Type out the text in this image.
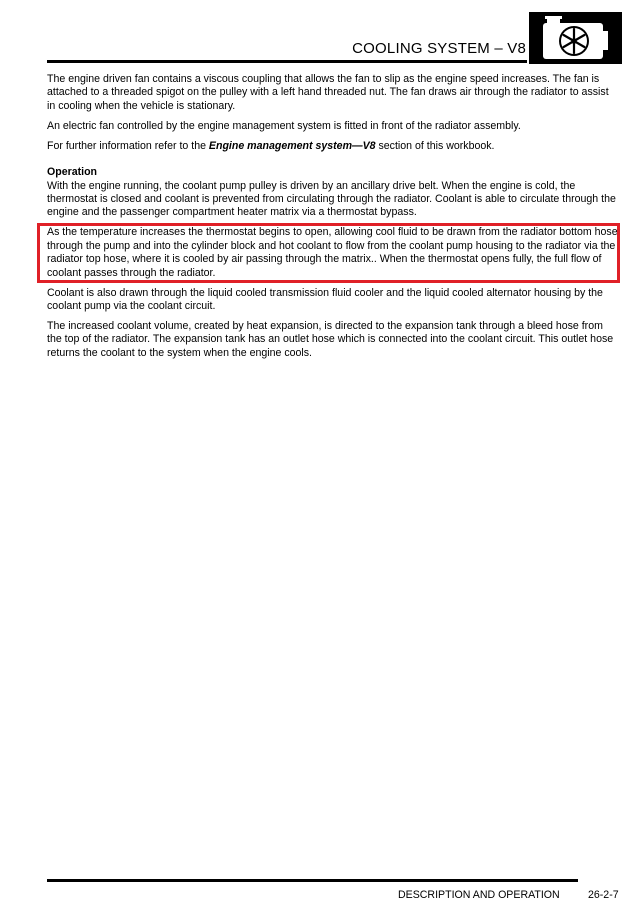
COOLING SYSTEM – V8

The engine driven fan contains a viscous coupling that allows the fan to slip as the engine speed increases. The fan is attached to a threaded spigot on the pulley with a left hand threaded nut. The fan draws air through the radiator to assist in cooling when the vehicle is stationary.

An electric fan controlled by the engine management system is fitted in front of the radiator assembly.

For further information refer to the Engine management system—V8 section of this workbook.

Operation

With the engine running, the coolant pump pulley is driven by an ancillary drive belt. When the engine is cold, the thermostat is closed and coolant is prevented from circulating through the radiator. Coolant is able to circulate through the engine and the passenger compartment heater matrix via a thermostat bypass.

As the temperature increases the thermostat begins to open, allowing cool fluid to be drawn from the radiator bottom hose through the pump and into the cylinder block and hot coolant to flow from the coolant pump housing to the radiator via the radiator top hose, where it is cooled by air passing through the matrix.. When the thermostat opens fully, the full flow of coolant passes through the radiator.

Coolant is also drawn through the liquid cooled transmission fluid cooler and the liquid cooled alternator housing by the coolant pump via the coolant circuit.

The increased coolant volume, created by heat expansion, is directed to the expansion tank through a bleed hose from the top of the radiator. The expansion tank has an outlet hose which is connected into the coolant circuit. This outlet hose returns the coolant to the system when the engine cools.

DESCRIPTION AND OPERATION	26-2-7
